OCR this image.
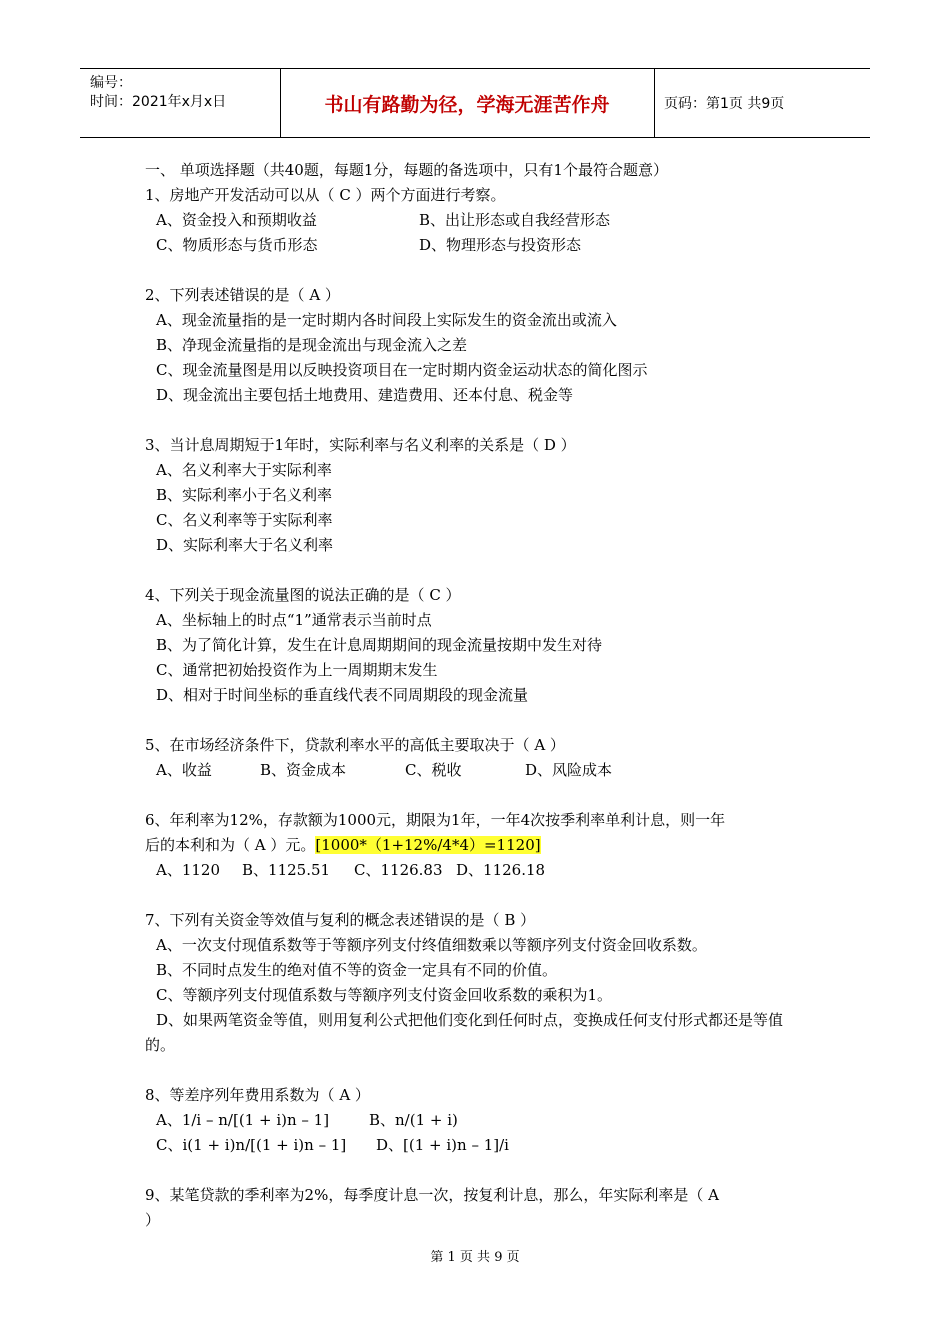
编号：
时间：2021年x月x日	书山有路勤为径，学海无涯苦作舟	页码：第1页 共9页
一、 单项选择题（共40题，每题1分，每题的备选项中，只有1个最符合题意）
1、房地产开发活动可以从（ C ）两个方面进行考察。
A、资金投入和预期收益	B、出让形态或自我经营形态
C、物质形态与货币形态	D、物理形态与投资形态
2、下列表述错误的是（ A ）
A、现金流量指的是一定时期内各时间段上实际发生的资金流出或流入
B、净现金流量指的是现金流出与现金流入之差
C、现金流量图是用以反映投资项目在一定时期内资金运动状态的简化图示
D、现金流出主要包括土地费用、建造费用、还本付息、税金等
3、当计息周期短于1年时，实际利率与名义利率的关系是（ D ）
A、名义利率大于实际利率
B、实际利率小于名义利率
C、名义利率等于实际利率
D、实际利率大于名义利率
4、下列关于现金流量图的说法正确的是（ C ）
A、坐标轴上的时点“1”通常表示当前时点
B、为了简化计算，发生在计息周期期间的现金流量按期中发生对待
C、通常把初始投资作为上一周期期末发生
D、相对于时间坐标的垂直线代表不同周期段的现金流量
5、在市场经济条件下，贷款利率水平的高低主要取决于（ A ）
A、收益	B、资金成本	C、税收	D、风险成本
6、年利率为12%，存款额为1000元，期限为1年，一年4次按季利率单利计息，则一年
后的本利和为（ A ）元。[1000*（1+12%/4*4）=1120]
A、1120 B、1125.51 C、1126.83 D、1126.18
7、下列有关资金等效值与复利的概念表述错误的是（ B ）
A、一次支付现值系数等于等额序列支付终值细数乘以等额序列支付资金回收系数。
B、不同时点发生的绝对值不等的资金一定具有不同的价值。
C、等额序列支付现值系数与等额序列支付资金回收系数的乘积为1。
D、如果两笔资金等值，则用复利公式把他们变化到任何时点，变换成任何支付形式都还是等值的。
8、等差序列年费用系数为（ A ）
A、1/i – n/[(1 + i)n – 1]	B、n/(1 + i)
C、i(1 + i)n/[(1 + i)n – 1] D、[(1 + i)n – 1]/i
9、某笔贷款的季利率为2%，每季度计息一次，按复利计息，那么，年实际利率是（ A
）
第 1 页 共 9 页
